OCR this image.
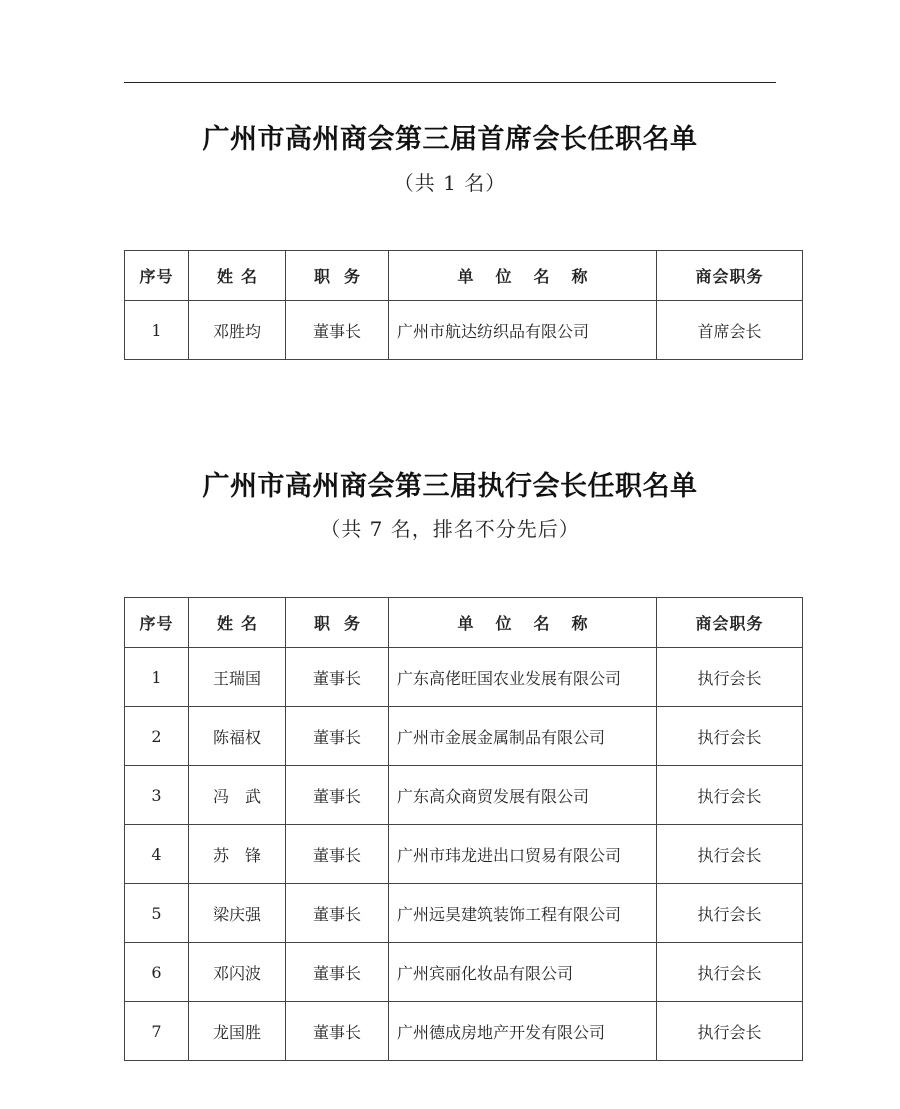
广州市高州商会第三届首席会长任职名单
（共 1 名）
序号	姓名	职务	单位名称	商会职务
1	邓胜均	董事长	广州市航达纺织品有限公司	首席会长
广州市高州商会第三届执行会长任职名单
（共 7 名，排名不分先后）
序号	姓名	职务	单位名称	商会职务
1	王瑞国	董事长	广东高佬旺国农业发展有限公司	执行会长
2	陈福权	董事长	广州市金展金属制品有限公司	执行会长
3	冯　武	董事长	广东高众商贸发展有限公司	执行会长
4	苏　锋	董事长	广州市玮龙进出口贸易有限公司	执行会长
5	梁庆强	董事长	广州远昊建筑装饰工程有限公司	执行会长
6	邓闪波	董事长	广州宾丽化妆品有限公司	执行会长
7	龙国胜	董事长	广州德成房地产开发有限公司	执行会长
